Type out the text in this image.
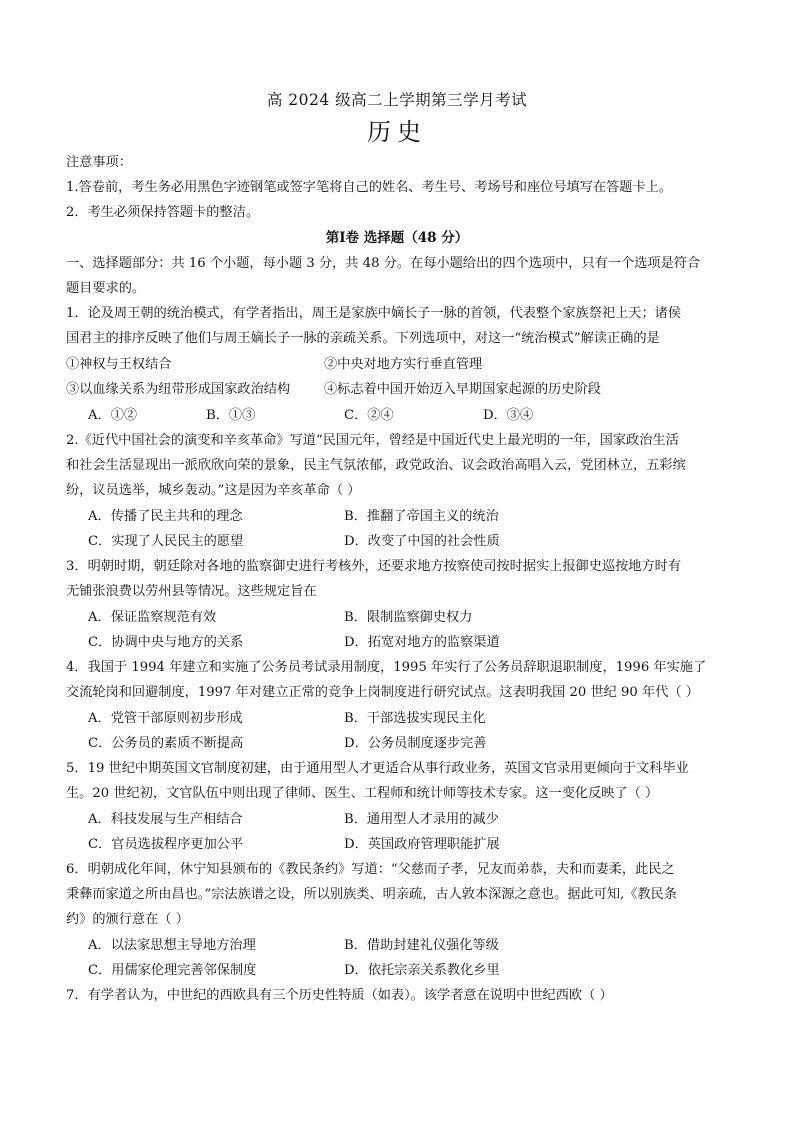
高 2024 级高二上学期第三学月考试
历史
注意事项：
1.答卷前，考生务必用黑色字迹钢笔或签字笔将自己的姓名、考生号、考场号和座位号填写在答题卡上。
2．考生必须保持答题卡的整洁。
第Ⅰ卷 选择题（48 分）
一、选择题部分：共 16 个小题，每小题 3 分，共 48 分。在每小题给出的四个选项中，只有一个选项是符合
题目要求的。
1．论及周王朝的统治模式，有学者指出，周王是家族中嫡长子一脉的首领，代表整个家族祭祀上天；诸侯
国君主的排序反映了他们与周王嫡长子一脉的亲疏关系。下列选项中，对这一“统治模式”解读正确的是
①神权与王权结合	②中央对地方实行垂直管理
③以血缘关系为纽带形成国家政治结构	④标志着中国开始迈入早期国家起源的历史阶段
A．①②	B．①③	C．②④	D．③④
2.《近代中国社会的演变和辛亥革命》写道“民国元年，曾经是中国近代史上最光明的一年，国家政治生活
和社会生活显现出一派欣欣向荣的景象，民主气氛浓郁，政党政治、议会政治高唱入云，党团林立，五彩缤
纷，议员选举，城乡轰动。”这是因为辛亥革命（ ）
A．传播了民主共和的理念	B．推翻了帝国主义的统治
C．实现了人民民主的愿望	D．改变了中国的社会性质
3．明朝时期，朝廷除对各地的监察御史进行考核外，还要求地方按察使司按时据实上报御史巡按地方时有
无铺张浪费以劳州县等情况。这些规定旨在
A．保证监察规范有效	B．限制监察御史权力
C．协调中央与地方的关系	D．拓宽对地方的监察渠道
4．我国于 1994 年建立和实施了公务员考试录用制度，1995 年实行了公务员辞职退职制度，1996 年实施了
交流轮岗和回避制度，1997 年对建立正常的竞争上岗制度进行研究试点。这表明我国 20 世纪 90 年代（ ）
A．党管干部原则初步形成	B．干部选拔实现民主化
C．公务员的素质不断提高	D．公务员制度逐步完善
5．19 世纪中期英国文官制度初建，由于通用型人才更适合从事行政业务，英国文官录用更倾向于文科毕业
生。20 世纪初，文官队伍中则出现了律师、医生、工程师和统计师等技术专家。这一变化反映了（ ）
A．科技发展与生产相结合	B．通用型人才录用的减少
C．官员选拔程序更加公平	D．英国政府管理职能扩展
6．明朝成化年间，休宁知县颁布的《教民条约》写道：“父慈而子孝，兄友而弟恭，夫和而妻柔，此民之
秉彝而家道之所由昌也。”宗法族谱之设，所以别族类、明亲疏，古人敦本深源之意也。据此可知,《教民条
约》的颁行意在（ ）
A．以法家思想主导地方治理	B．借助封建礼仪强化等级
C．用儒家伦理完善邻保制度	D．依托宗亲关系教化乡里
7．有学者认为，中世纪的西欧具有三个历史性特质（如表）。该学者意在说明中世纪西欧（ ）
